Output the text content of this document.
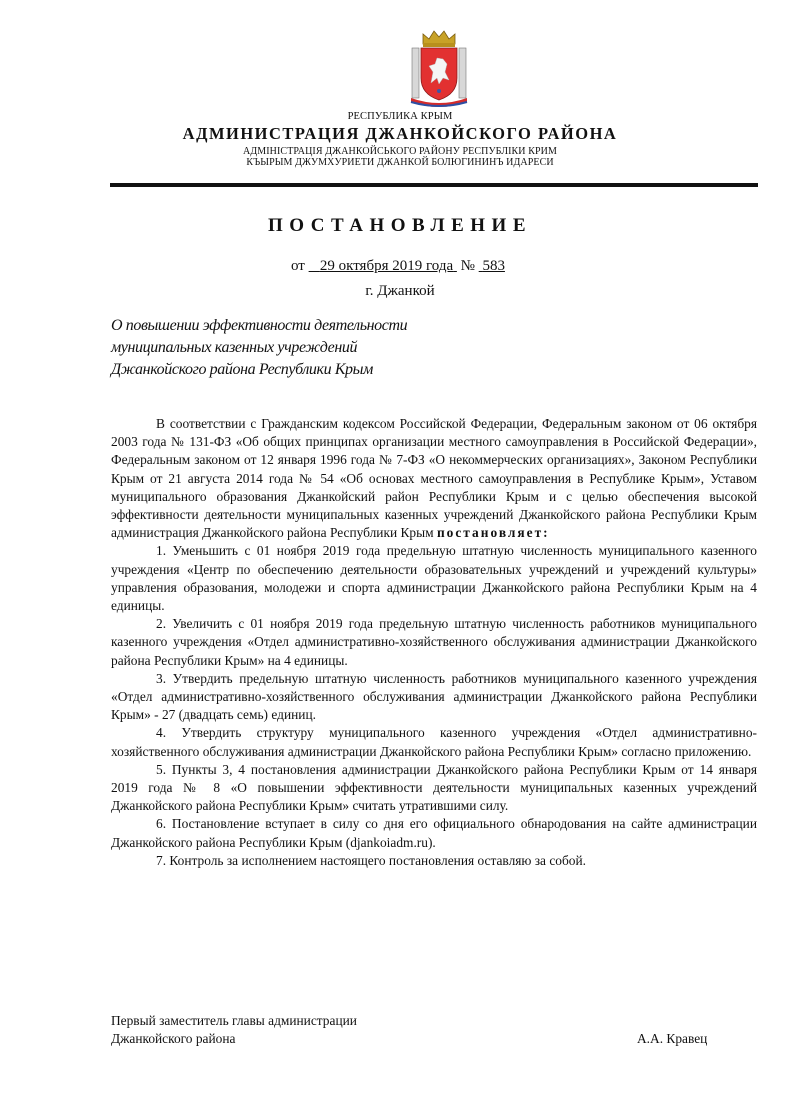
РЕСПУБЛИКА КРЫМ
АДМИНИСТРАЦИЯ ДЖАНКОЙСКОГО РАЙОНА
АДМІНІСТРАЦІЯ ДЖАНКОЙСЬКОГО РАЙОНУ РЕСПУБЛІКИ КРИМ
КЪЫРЫМ ДЖУМХУРИЕТИ ДЖАНКОЙ БОЛЮГИНИНЪ ИДАРЕСИ
ПОСТАНОВЛЕНИЕ
от 29 октября 2019 года № 583
г. Джанкой
О повышении эффективности деятельности
муниципальных казенных учреждений
Джанкойского района Республики Крым

В соответствии с Гражданским кодексом Российской Федерации, Федеральным законом от 06 октября 2003 года № 131-ФЗ «Об общих принципах организации местного самоуправления в Российской Федерации», Федеральным законом от 12 января 1996 года № 7-ФЗ «О некоммерческих организациях», Законом Республики Крым от 21 августа 2014 года № 54 «Об основах местного самоуправления в Республике Крым», Уставом муниципального образования Джанкойский район Республики Крым и с целью обеспечения высокой эффективности деятельности муниципальных казенных учреждений Джанкойского района Республики Крым администрация Джанкойского района Республики Крым постановляет:

1. Уменьшить с 01 ноября 2019 года предельную штатную численность муниципального казенного учреждения «Центр по обеспечению деятельности образовательных учреждений и учреждений культуры» управления образования, молодежи и спорта администрации Джанкойского района Республики Крым на 4 единицы.

2. Увеличить с 01 ноября 2019 года предельную штатную численность работников муниципального казенного учреждения «Отдел административно-хозяйственного обслуживания администрации Джанкойского района Республики Крым» на 4 единицы.

3. Утвердить предельную штатную численность работников муниципального казенного учреждения «Отдел административно-хозяйственного обслуживания администрации Джанкойского района Республики Крым» - 27 (двадцать семь) единиц.

4. Утвердить структуру муниципального казенного учреждения «Отдел административно-хозяйственного обслуживания администрации Джанкойского района Республики Крым» согласно приложению.

5. Пункты 3, 4 постановления администрации Джанкойского района Республики Крым от 14 января 2019 года № 8 «О повышении эффективности деятельности муниципальных казенных учреждений Джанкойского района Республики Крым» считать утратившими силу.

6. Постановление вступает в силу со дня его официального обнародования на сайте администрации Джанкойского района Республики Крым (djankoiadm.ru).

7. Контроль за исполнением настоящего постановления оставляю за собой.

Первый заместитель главы администрации
Джанкойского района	А.А. Кравец
